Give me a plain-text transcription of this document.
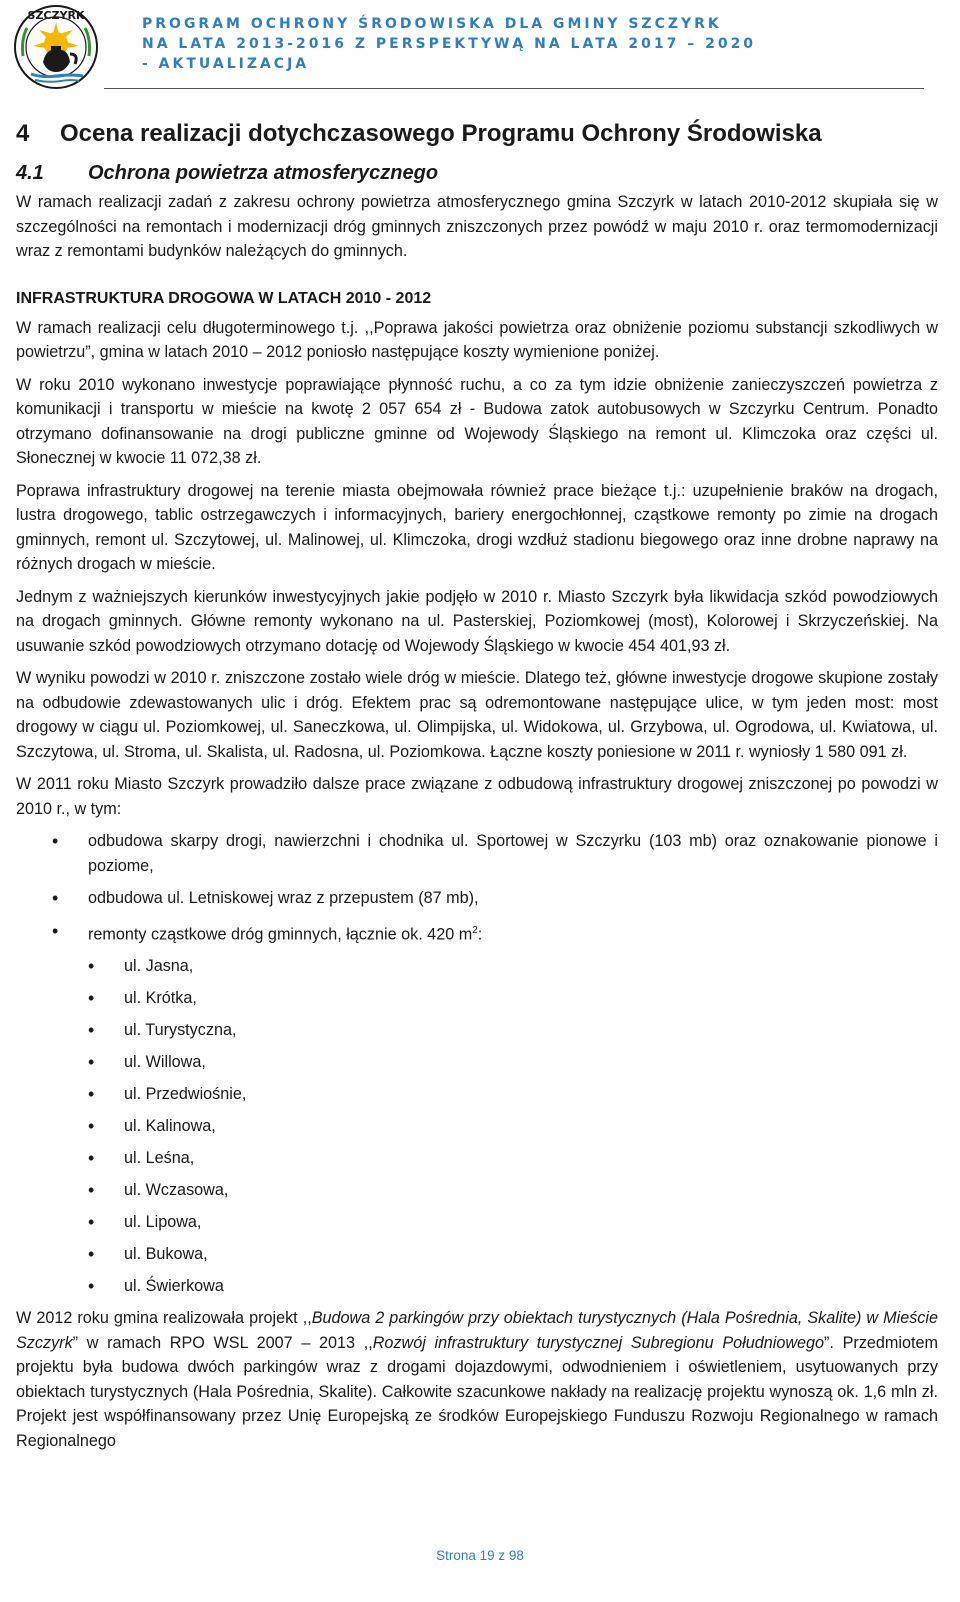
SZCZYRK
PROGRAM OCHRONY ŚRODOWISKA DLA GMINY SZCZYRK
NA LATA 2013-2016 Z PERSPEKTYWĄ NA LATA 2017 – 2020
- AKTUALIZACJA
4 Ocena realizacji dotychczasowego Programu Ochrony Środowiska
4.1 Ochrona powietrza atmosferycznego

W ramach realizacji zadań z zakresu ochrony powietrza atmosferycznego gmina Szczyrk w latach 2010-2012 skupiała się w szczególności na remontach i modernizacji dróg gminnych zniszczonych przez powódź w maju 2010 r. oraz termomodernizacji wraz z remontami budynków należących do gminnych.

INFRASTRUKTURA DROGOWA W LATACH 2010 - 2012

W ramach realizacji celu długoterminowego t.j. ,,Poprawa jakości powietrza oraz obniżenie poziomu substancji szkodliwych w powietrzu”, gmina w latach 2010 – 2012 poniosło następujące koszty wymienione poniżej.

W roku 2010 wykonano inwestycje poprawiające płynność ruchu, a co za tym idzie obniżenie zanieczyszczeń powietrza z komunikacji i transportu w mieście na kwotę 2 057 654 zł - Budowa zatok autobusowych w Szczyrku Centrum. Ponadto otrzymano dofinansowanie na drogi publiczne gminne od Wojewody Śląskiego na remont ul. Klimczoka oraz części ul. Słonecznej w kwocie 11 072,38 zł.

Poprawa infrastruktury drogowej na terenie miasta obejmowała również prace bieżące t.j.: uzupełnienie braków na drogach, lustra drogowego, tablic ostrzegawczych i informacyjnych, bariery energochłonnej, cząstkowe remonty po zimie na drogach gminnych, remont ul. Szczytowej, ul. Malinowej, ul. Klimczoka, drogi wzdłuż stadionu biegowego oraz inne drobne naprawy na różnych drogach w mieście.

Jednym z ważniejszych kierunków inwestycyjnych jakie podjęło w 2010 r. Miasto Szczyrk była likwidacja szkód powodziowych na drogach gminnych. Główne remonty wykonano na ul. Pasterskiej, Poziomkowej (most), Kolorowej i Skrzyczeńskiej. Na usuwanie szkód powodziowych otrzymano dotację od Wojewody Śląskiego w kwocie 454 401,93 zł.

W wyniku powodzi w 2010 r. zniszczone zostało wiele dróg w mieście. Dlatego też, główne inwestycje drogowe skupione zostały na odbudowie zdewastowanych ulic i dróg. Efektem prac są odremontowane następujące ulice, w tym jeden most: most drogowy w ciągu ul. Poziomkowej, ul. Saneczkowa, ul. Olimpijska, ul. Widokowa, ul. Grzybowa, ul. Ogrodowa, ul. Kwiatowa, ul. Szczytowa, ul. Stroma, ul. Skalista, ul. Radosna, ul. Poziomkowa. Łączne koszty poniesione w 2011 r. wyniosły 1 580 091 zł.

W 2011 roku Miasto Szczyrk prowadziło dalsze prace związane z odbudową infrastruktury drogowej zniszczonej po powodzi w 2010 r., w tym:

• odbudowa skarpy drogi, nawierzchni i chodnika ul. Sportowej w Szczyrku (103 mb) oraz oznakowanie pionowe i poziome,
• odbudowa ul. Letniskowej wraz z przepustem (87 mb),
• remonty cząstkowe dróg gminnych, łącznie ok. 420 $m^2$:
• ul. Jasna,
• ul. Krótka,
• ul. Turystyczna,
• ul. Willowa,
• ul. Przedwiośnie,
• ul. Kalinowa,
• ul. Leśna,
• ul. Wczasowa,
• ul. Lipowa,
• ul. Bukowa,
• ul. Świerkowa

W 2012 roku gmina realizowała projekt ,,Budowa 2 parkingów przy obiektach turystycznych (Hala Pośrednia, Skalite) w Mieście Szczyrk” w ramach RPO WSL 2007 – 2013 ,,Rozwój infrastruktury turystycznej Subregionu Południowego”. Przedmiotem projektu była budowa dwóch parkingów wraz z drogami dojazdowymi, odwodnieniem i oświetleniem, usytuowanych przy obiektach turystycznych (Hala Pośrednia, Skalite). Całkowite szacunkowe nakłady na realizację projektu wynoszą ok. 1,6 mln zł. Projekt jest współfinansowany przez Unię Europejską ze środków Europejskiego Funduszu Rozwoju Regionalnego w ramach Regionalnego

Strona 19 z 98
